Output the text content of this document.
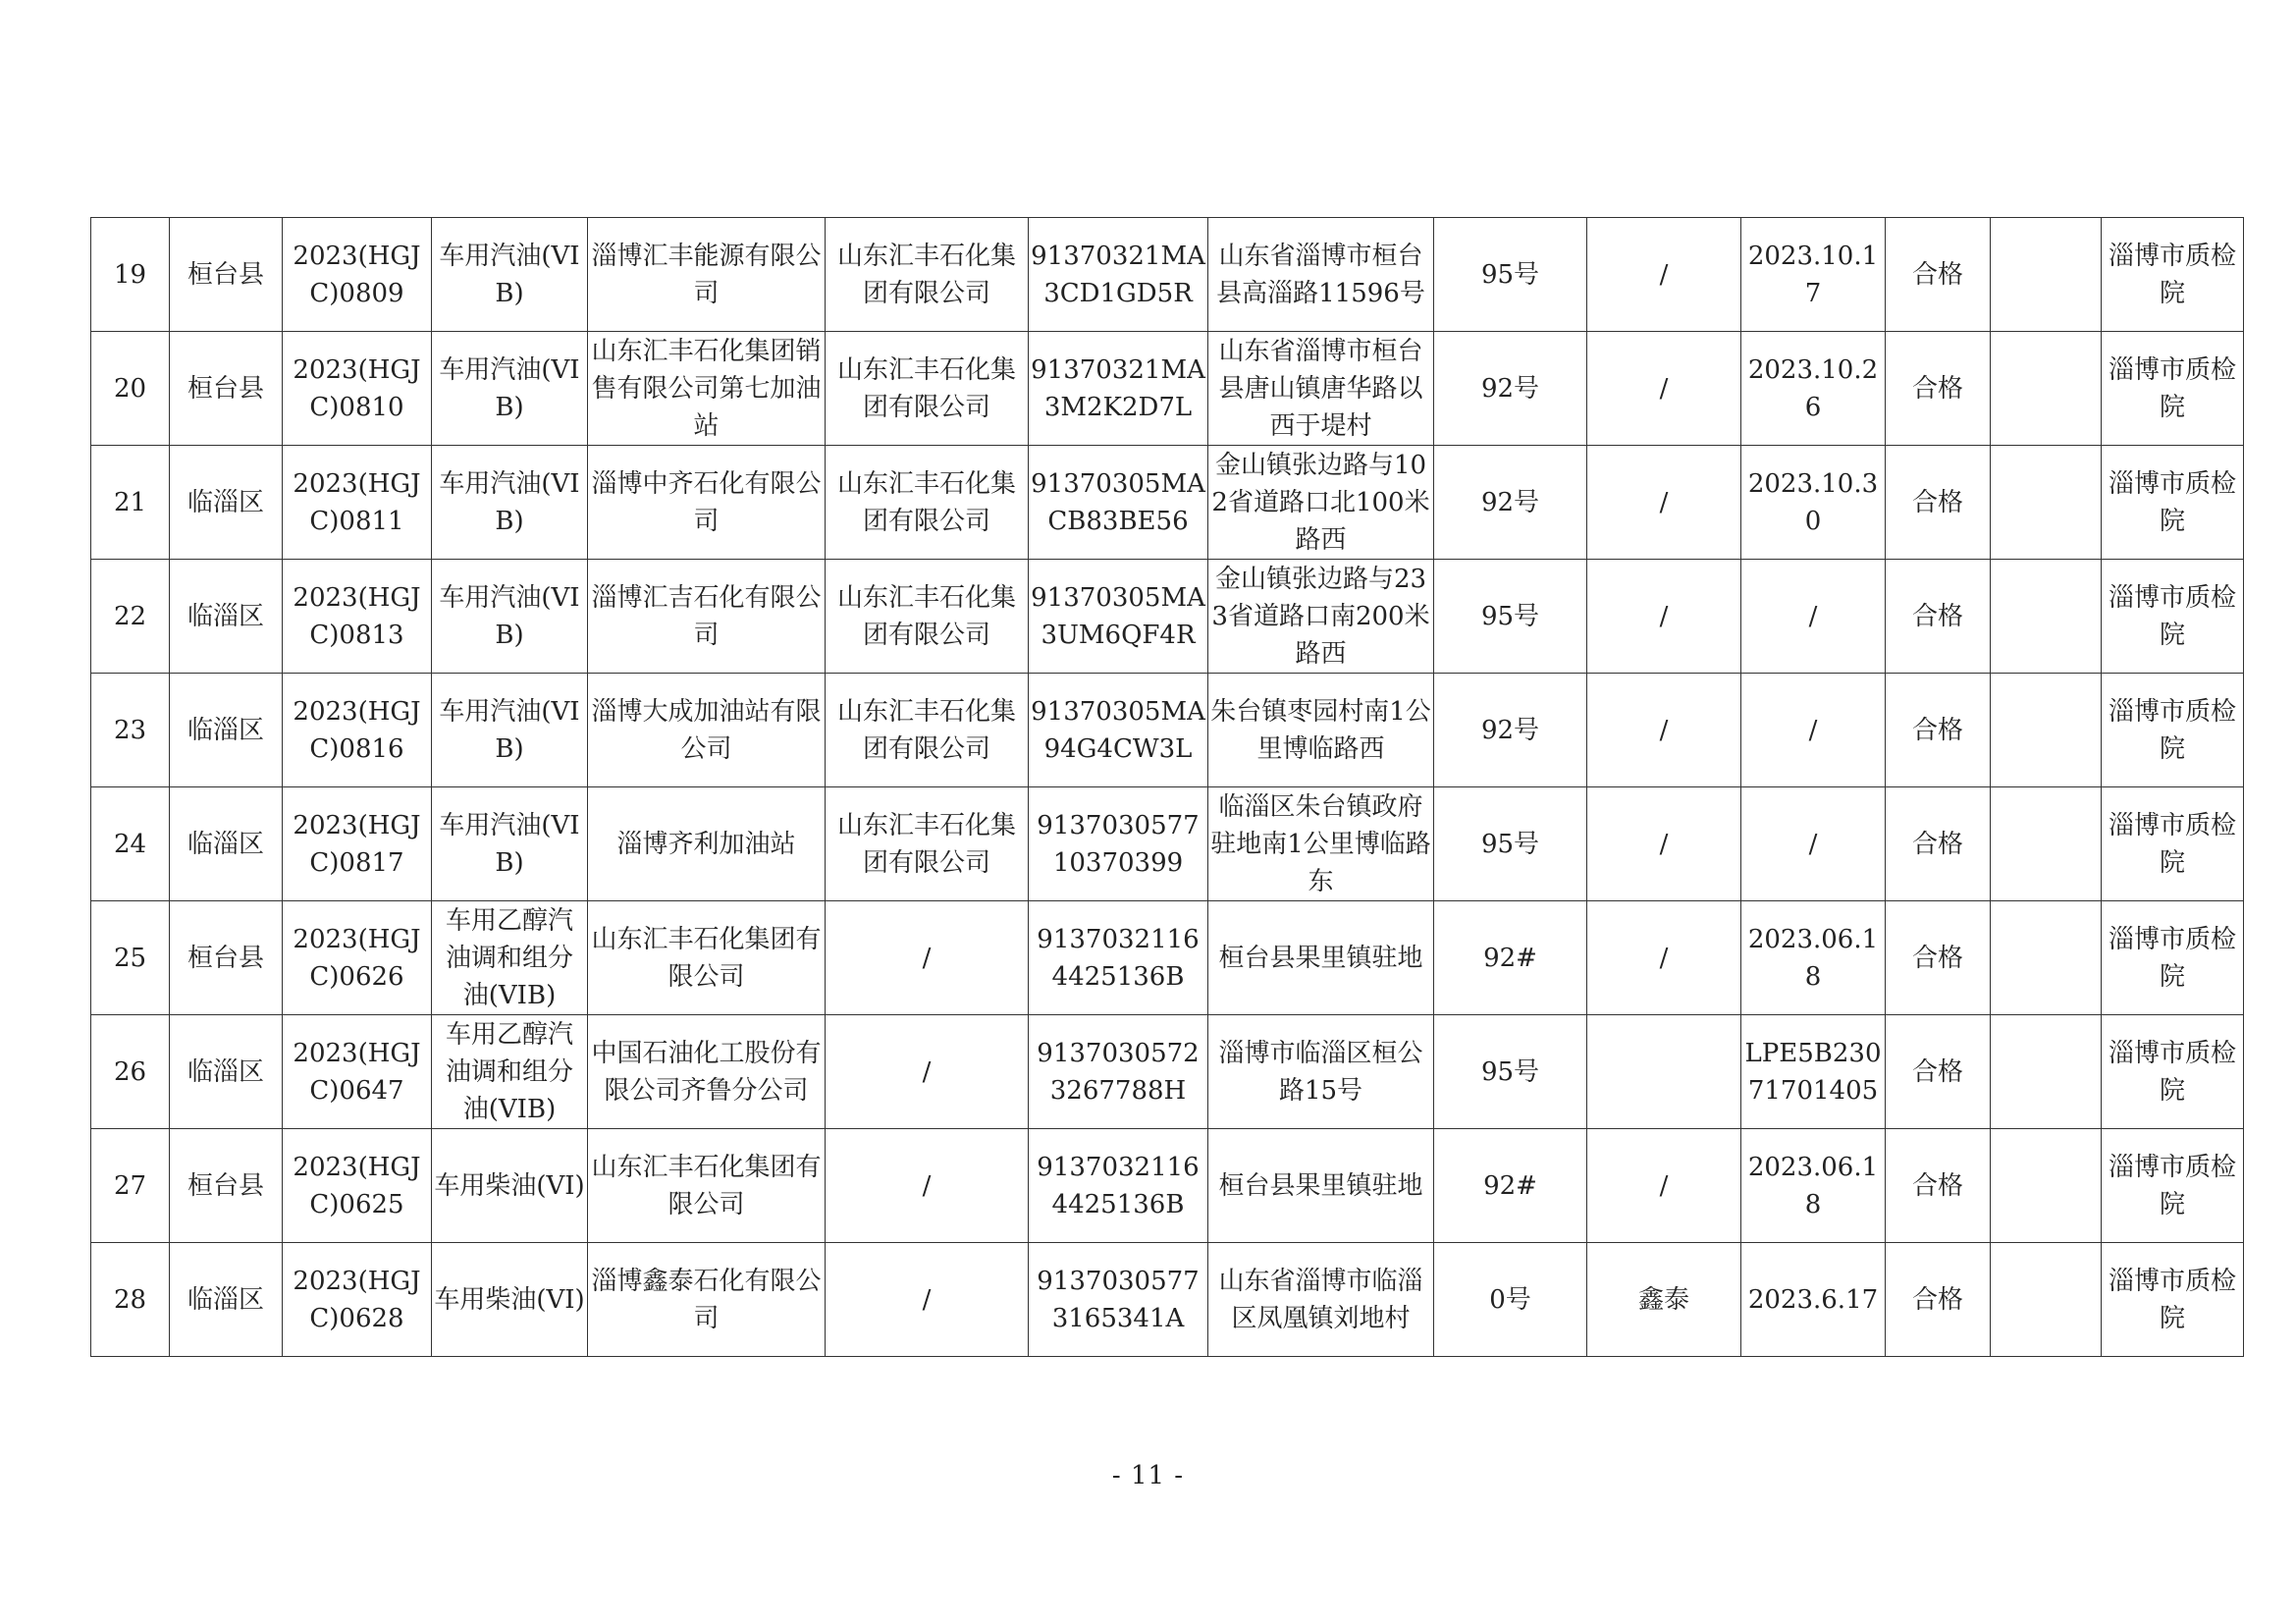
19	桓台县	2023(HGJC)0809	车用汽油(VIB)	淄博汇丰能源有限公司	山东汇丰石化集团有限公司	91370321MA3CD1GD5R	山东省淄博市桓台县高淄路11596号	95号	/	2023.10.17	合格		淄博市质检院
20	桓台县	2023(HGJC)0810	车用汽油(VIB)	山东汇丰石化集团销售有限公司第七加油站	山东汇丰石化集团有限公司	91370321MA3M2K2D7L	山东省淄博市桓台县唐山镇唐华路以西于堤村	92号	/	2023.10.26	合格		淄博市质检院
21	临淄区	2023(HGJC)0811	车用汽油(VIB)	淄博中齐石化有限公司	山东汇丰石化集团有限公司	91370305MACB83BE56	金山镇张边路与102省道路口北100米路西	92号	/	2023.10.30	合格		淄博市质检院
22	临淄区	2023(HGJC)0813	车用汽油(VIB)	淄博汇吉石化有限公司	山东汇丰石化集团有限公司	91370305MA3UM6QF4R	金山镇张边路与233省道路口南200米路西	95号	/	/	合格		淄博市质检院
23	临淄区	2023(HGJC)0816	车用汽油(VIB)	淄博大成加油站有限公司	山东汇丰石化集团有限公司	91370305MA94G4CW3L	朱台镇枣园村南1公里博临路西	92号	/	/	合格		淄博市质检院
24	临淄区	2023(HGJC)0817	车用汽油(VIB)	淄博齐利加油站	山东汇丰石化集团有限公司	913703057710370399	临淄区朱台镇政府驻地南1公里博临路东	95号	/	/	合格		淄博市质检院
25	桓台县	2023(HGJC)0626	车用乙醇汽油调和组分油(VIB)	山东汇丰石化集团有限公司	/	91370321164425136B	桓台县果里镇驻地	92#	/	2023.06.18	合格		淄博市质检院
26	临淄区	2023(HGJC)0647	车用乙醇汽油调和组分油(VIB)	中国石油化工股份有限公司齐鲁分公司	/	91370305723267788H	淄博市临淄区桓公路15号	95号		LPE5B23071701405	合格		淄博市质检院
27	桓台县	2023(HGJC)0625	车用柴油(VI)	山东汇丰石化集团有限公司	/	91370321164425136B	桓台县果里镇驻地	92#	/	2023.06.18	合格		淄博市质检院
28	临淄区	2023(HGJC)0628	车用柴油(VI)	淄博鑫泰石化有限公司	/	91370305773165341A	山东省淄博市临淄区凤凰镇刘地村	0号	鑫泰	2023.6.17	合格		淄博市质检院
- 11 -
